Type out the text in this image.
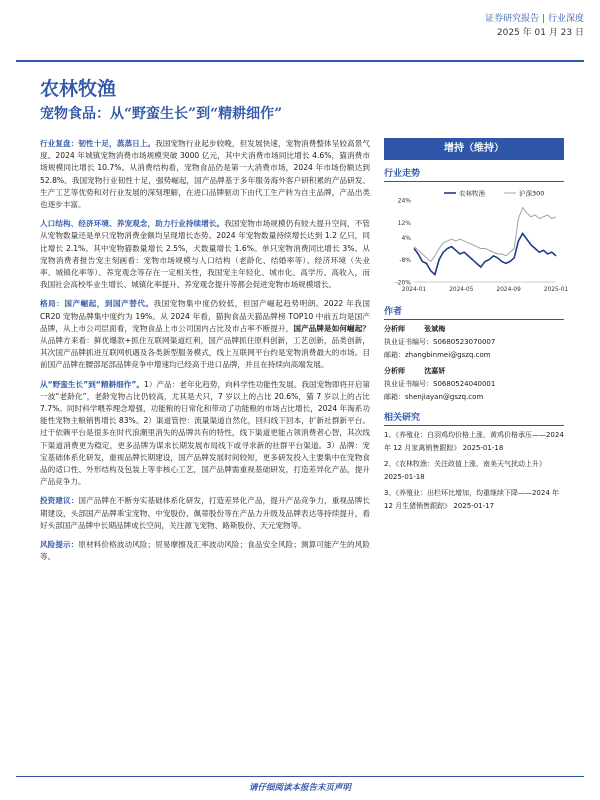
证券研究报告 | 行业深度
2025 年 01 月 23 日
农林牧渔
宠物食品：从“野蛮生长”到“精耕细作”

行业复盘：韧性十足，蒸蒸日上。我国宠物行业起步较晚，但发展快速，宠物消费整体呈较高景气度。2024 年城镇宠物消费市场规模突破 3000 亿元，其中犬消费市场同比增长 4.6%，猫消费市场规模同比增长 10.7%。从消费结构看，宠物食品仍是第一大消费市场，2024 年市场份额达到 52.8%。我国宠物行业韧性十足，强势崛起，国产品牌基于多年服务海外客户研积累的产品研发、生产工艺等优势和对行业发展的深刻理解，在进口品牌驱动下由代工生产转为自主品牌，产品出类也逐步丰富。

人口结构、经济环境、养宠观念，助力行业持续增长。我国宠物市场规模仍有较大提升空间，不管从宠物数量还是单只宠物消费金额均呈现增长态势。2024 年宠物数量持续增长达到 1.2 亿只，同比增长 2.1%。其中宠物猫数量增长 2.5%，犬数量增长 1.6%。单只宠物消费同比增长 3%。从宠物消费者报告宠主刻画看：宠物市场规模与人口结构（老龄化、结婚率等）、经济环境（失业率、城镇化率等）、养宠观念等存在一定相关性，我国宠主年轻化、城市化、高学历、高收入，而我国社会高校毕业生增长、城镇化率提升、养宠观念提升等都会促进宠物市场规模增长。

格局：国产崛起，到国产替代。我国宠物集中度仍较低，但国产崛起趋势明朗。2022 年我国 CR20 宠物品牌集中度约为 19%。从 2024 年看，猫狗食品天猫品牌榜 TOP10 中前五均是国产品牌，从上市公司层面看，宠物食品上市公司国内占比及市占率不断提升，国产品牌是如何崛起？从品牌方来看：鲜优爆款+抓住互联网渠道红利，国产品牌抓住原料创新，工艺创新，品类创新，其次国产品牌抓进互联网机遇及各类新型服务模式，线上互联网平台约是宠物消费最大的市场。目前国产品牌在腰部尾部品牌竞争中增速均已经高于进口品牌，并且在持续向高端发展。

从“野蛮生长”到“精耕细作”。1）产品：老年化趋势，向科学性功能性发展。我国宠物即将开启第一波“老龄化”，老龄宠物占比仍较高，尤其是犬只，7 岁以上的占比 20.6%，猫 7 岁以上的占比 7.7%。同时科学喂养理念增强，功能粮的日常化和带动了功能粮的市场占比增长，2024 年淘系功能性宠物主粮销售增长 83%。2）渠道管控：流量渠道自然化，回归线下回本，扩新社群新平台。过于依赖平台是很多在时代浪潮里消失的品牌共有的特性，线下渠道更能占领消费者心智，其次线下渠道消费更为稳定，更多品牌为谋求长期发展布局线下或寻求新的社群平台渠道。3）品牌：宠宝基础体系化研发，重视品牌长期建设，国产品牌发展时间较短，更多研发投入主要集中在宠物食品的适口性、外形结构及包装上等非核心工艺，国产品牌需重视基础研发，打造差异化产品，提升产品竞争力。

投资建议：国产品牌在不断夯实基础体系化研发，打造差异化产品，提升产品竞争力，重视品牌长期建设，头部国产品牌乖宝宠物、中宠股份、佩蒂股份等在产品力升级及品牌表达等持续提升，看好头部国产品牌中长期品牌成长空间，关注源飞宠物、路斯股份、天元宠物等。

风险提示：原材料价格波动风险；贸易摩擦及汇率波动风险；食品安全风险；测算可能产生的风险等。

增持（维持）
行业走势
24%
12%
4%
-8%
-20%
2024-01	2024-05	2024-09	2025-01
农林牧渔	沪深300
作者
分析师	张斌梅
执业证书编号：S0680523070007
邮箱：zhangbinmei@gszq.com
分析师	沈嘉妍
执业证书编号：S0680524040001
邮箱：shenjiayan@gszq.com
相关研究
1、《养殖业：白羽鸡均价格上涨，黄鸡价格承压——2024 年 12 月家禽销售跟踪》 2025-01-18
2、《农林牧渔：关注政值上涨、南美天气扰动上升》 2025-01-18
3、《养殖业：出栏环比增加，均重继续下降——2024 年 12 月生猪销售跟踪》 2025-01-17
请仔细阅读本报告末页声明
